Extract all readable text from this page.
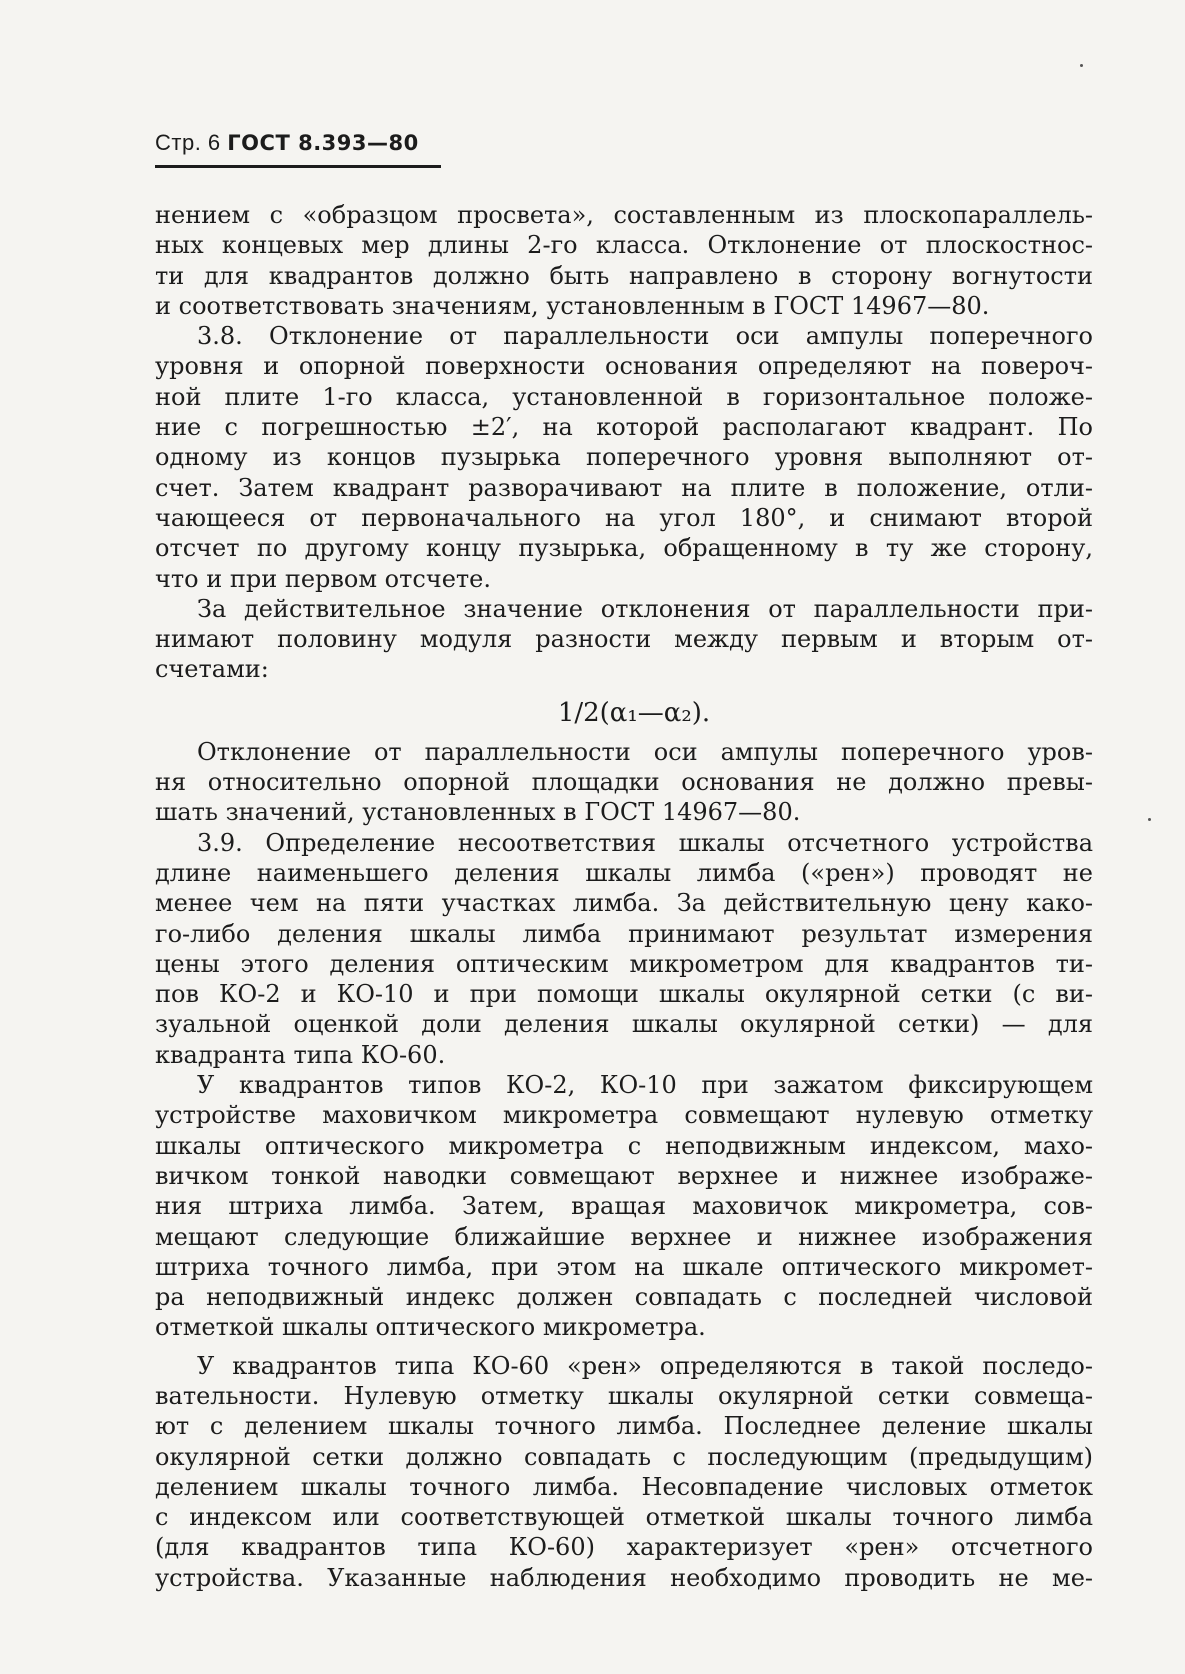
Стр. 6 ГОСТ 8.393—80
нением с «образцом просвета», составленным из плоскопараллель-
ных концевых мер длины 2-го класса. Отклонение от плоскостнос-
ти для квадрантов должно быть направлено в сторону вогнутости
и соответствовать значениям, установленным в ГОСТ 14967—80.
3.8. Отклонение от параллельности оси ампулы поперечного
уровня и опорной поверхности основания определяют на повероч-
ной плите 1-го класса, установленной в горизонтальное положе-
ние с погрешностью ±2′, на которой располагают квадрант. По
одному из концов пузырька поперечного уровня выполняют от-
счет. Затем квадрант разворачивают на плите в положение, отли-
чающееся от первоначального на угол 180°, и снимают второй
отсчет по другому концу пузырька, обращенному в ту же сторону,
что и при первом отсчете.
За действительное значение отклонения от параллельности при-
нимают половину модуля разности между первым и вторым от-
счетами:
1/2(α₁—α₂).
Отклонение от параллельности оси ампулы поперечного уров-
ня относительно опорной площадки основания не должно превы-
шать значений, установленных в ГОСТ 14967—80.
3.9. Определение несоответствия шкалы отсчетного устройства
длине наименьшего деления шкалы лимба («рен») проводят не
менее чем на пяти участках лимба. За действительную цену како-
го-либо деления шкалы лимба принимают результат измерения
цены этого деления оптическим микрометром для квадрантов ти-
пов КО-2 и КО-10 и при помощи шкалы окулярной сетки (с ви-
зуальной оценкой доли деления шкалы окулярной сетки) — для
квадранта типа КО-60.
У квадрантов типов КО-2, КО-10 при зажатом фиксирующем
устройстве маховичком микрометра совмещают нулевую отметку
шкалы оптического микрометра с неподвижным индексом, махо-
вичком тонкой наводки совмещают верхнее и нижнее изображе-
ния штриха лимба. Затем, вращая маховичок микрометра, сов-
мещают следующие ближайшие верхнее и нижнее изображения
штриха точного лимба, при этом на шкале оптического микромет-
ра неподвижный индекс должен совпадать с последней числовой
отметкой шкалы оптического микрометра.
У квадрантов типа КО-60 «рен» определяются в такой последо-
вательности. Нулевую отметку шкалы окулярной сетки совмеща-
ют с делением шкалы точного лимба. Последнее деление шкалы
окулярной сетки должно совпадать с последующим (предыдущим)
делением шкалы точного лимба. Несовпадение числовых отметок
с индексом или соответствующей отметкой шкалы точного лимба
(для квадрантов типа КО-60) характеризует «рен» отсчетного
устройства. Указанные наблюдения необходимо проводить не ме-
